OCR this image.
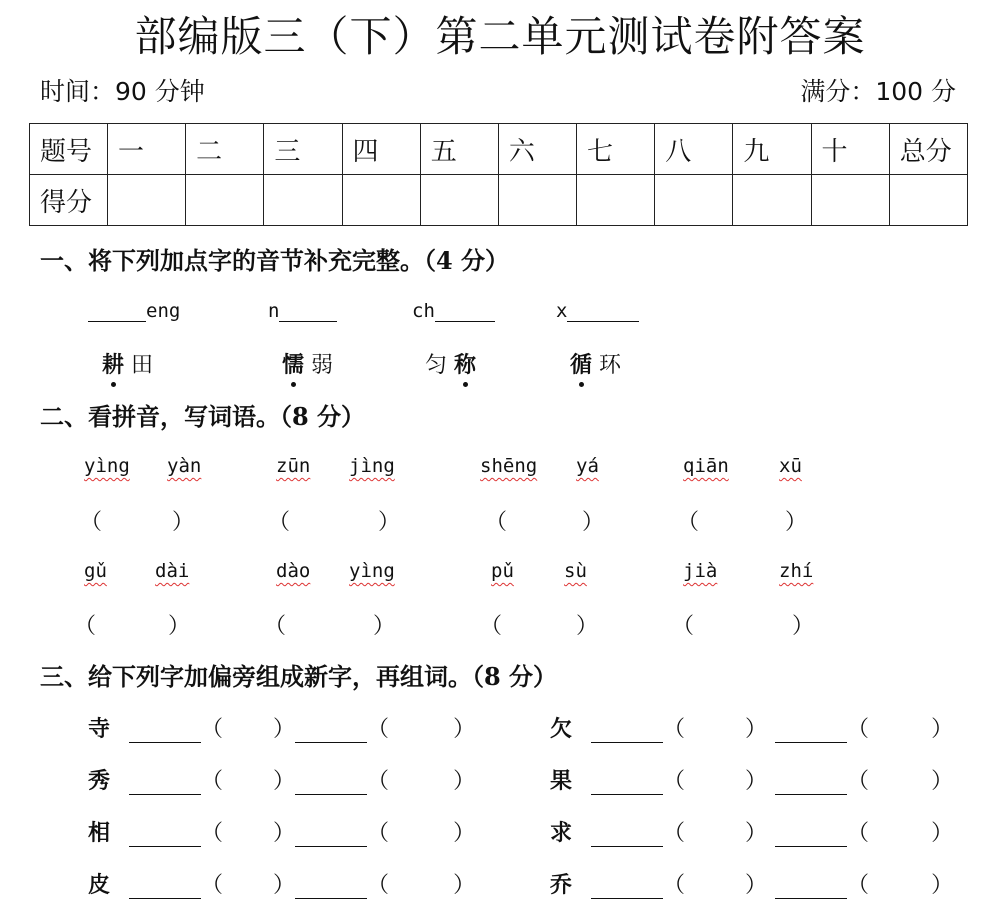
部编版三（下）第二单元测试卷附答案
时间：90 分钟	满分：100 分
题号	一	二	三	四	五	六	七	八	九	十	总分
得分											
一、将下列加点字的音节补充完整。（4 分）
eng	n	ch	x
耕 田	懦 弱	匀 称	循 环
二、看拼音，写词语。（8 分）
yìng yàn	zūn jìng	shēng yá	qiān	xū
（	）	（	）	（	）	（	）
gǔ	dài	dào yìng	pǔ	sù	jià	zhí
（	）	（	）	（	）	（	）
三、给下列字加偏旁组成新字，再组词。（8 分）
寺	（ ）	（	）	欠	（	）	（	）
秀	（ ）	（	）	果	（	）	（	）
相	（ ）	（	）	求	（	）	（	）
皮	（ ）	（	）	乔	（	）	（	）
